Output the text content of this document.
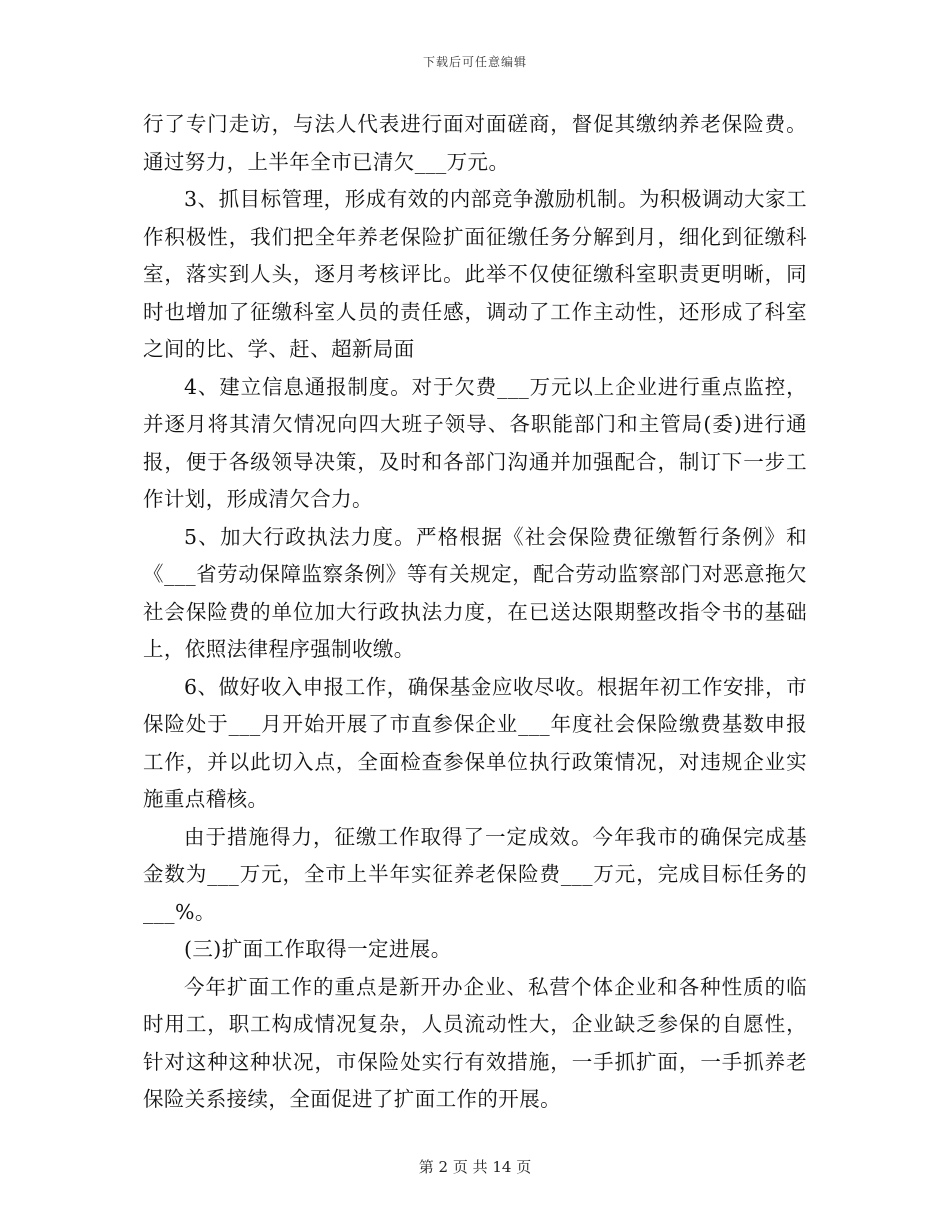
下载后可任意编辑

行了专门走访，与法人代表进行面对面磋商，督促其缴纳养老保险费。通过努力，上半年全市已清欠___万元。

3、抓目标管理，形成有效的内部竞争激励机制。为积极调动大家工作积极性，我们把全年养老保险扩面征缴任务分解到月，细化到征缴科室，落实到人头，逐月考核评比。此举不仅使征缴科室职责更明晰，同时也增加了征缴科室人员的责任感，调动了工作主动性，还形成了科室之间的比、学、赶、超新局面

4、建立信息通报制度。对于欠费___万元以上企业进行重点监控，并逐月将其清欠情况向四大班子领导、各职能部门和主管局(委)进行通报，便于各级领导决策，及时和各部门沟通并加强配合，制订下一步工作计划，形成清欠合力。

5、加大行政执法力度。严格根据《社会保险费征缴暂行条例》和《___省劳动保障监察条例》等有关规定，配合劳动监察部门对恶意拖欠社会保险费的单位加大行政执法力度，在已送达限期整改指令书的基础上，依照法律程序强制收缴。

6、做好收入申报工作，确保基金应收尽收。根据年初工作安排，市保险处于___月开始开展了市直参保企业___年度社会保险缴费基数申报工作，并以此切入点，全面检查参保单位执行政策情况，对违规企业实施重点稽核。

由于措施得力，征缴工作取得了一定成效。今年我市的确保完成基金数为___万元，全市上半年实征养老保险费___万元，完成目标任务的___%。

(三)扩面工作取得一定进展。

今年扩面工作的重点是新开办企业、私营个体企业和各种性质的临时用工，职工构成情况复杂，人员流动性大，企业缺乏参保的自愿性，针对这种这种状况，市保险处实行有效措施，一手抓扩面，一手抓养老保险关系接续，全面促进了扩面工作的开展。

第 2 页 共 14 页
